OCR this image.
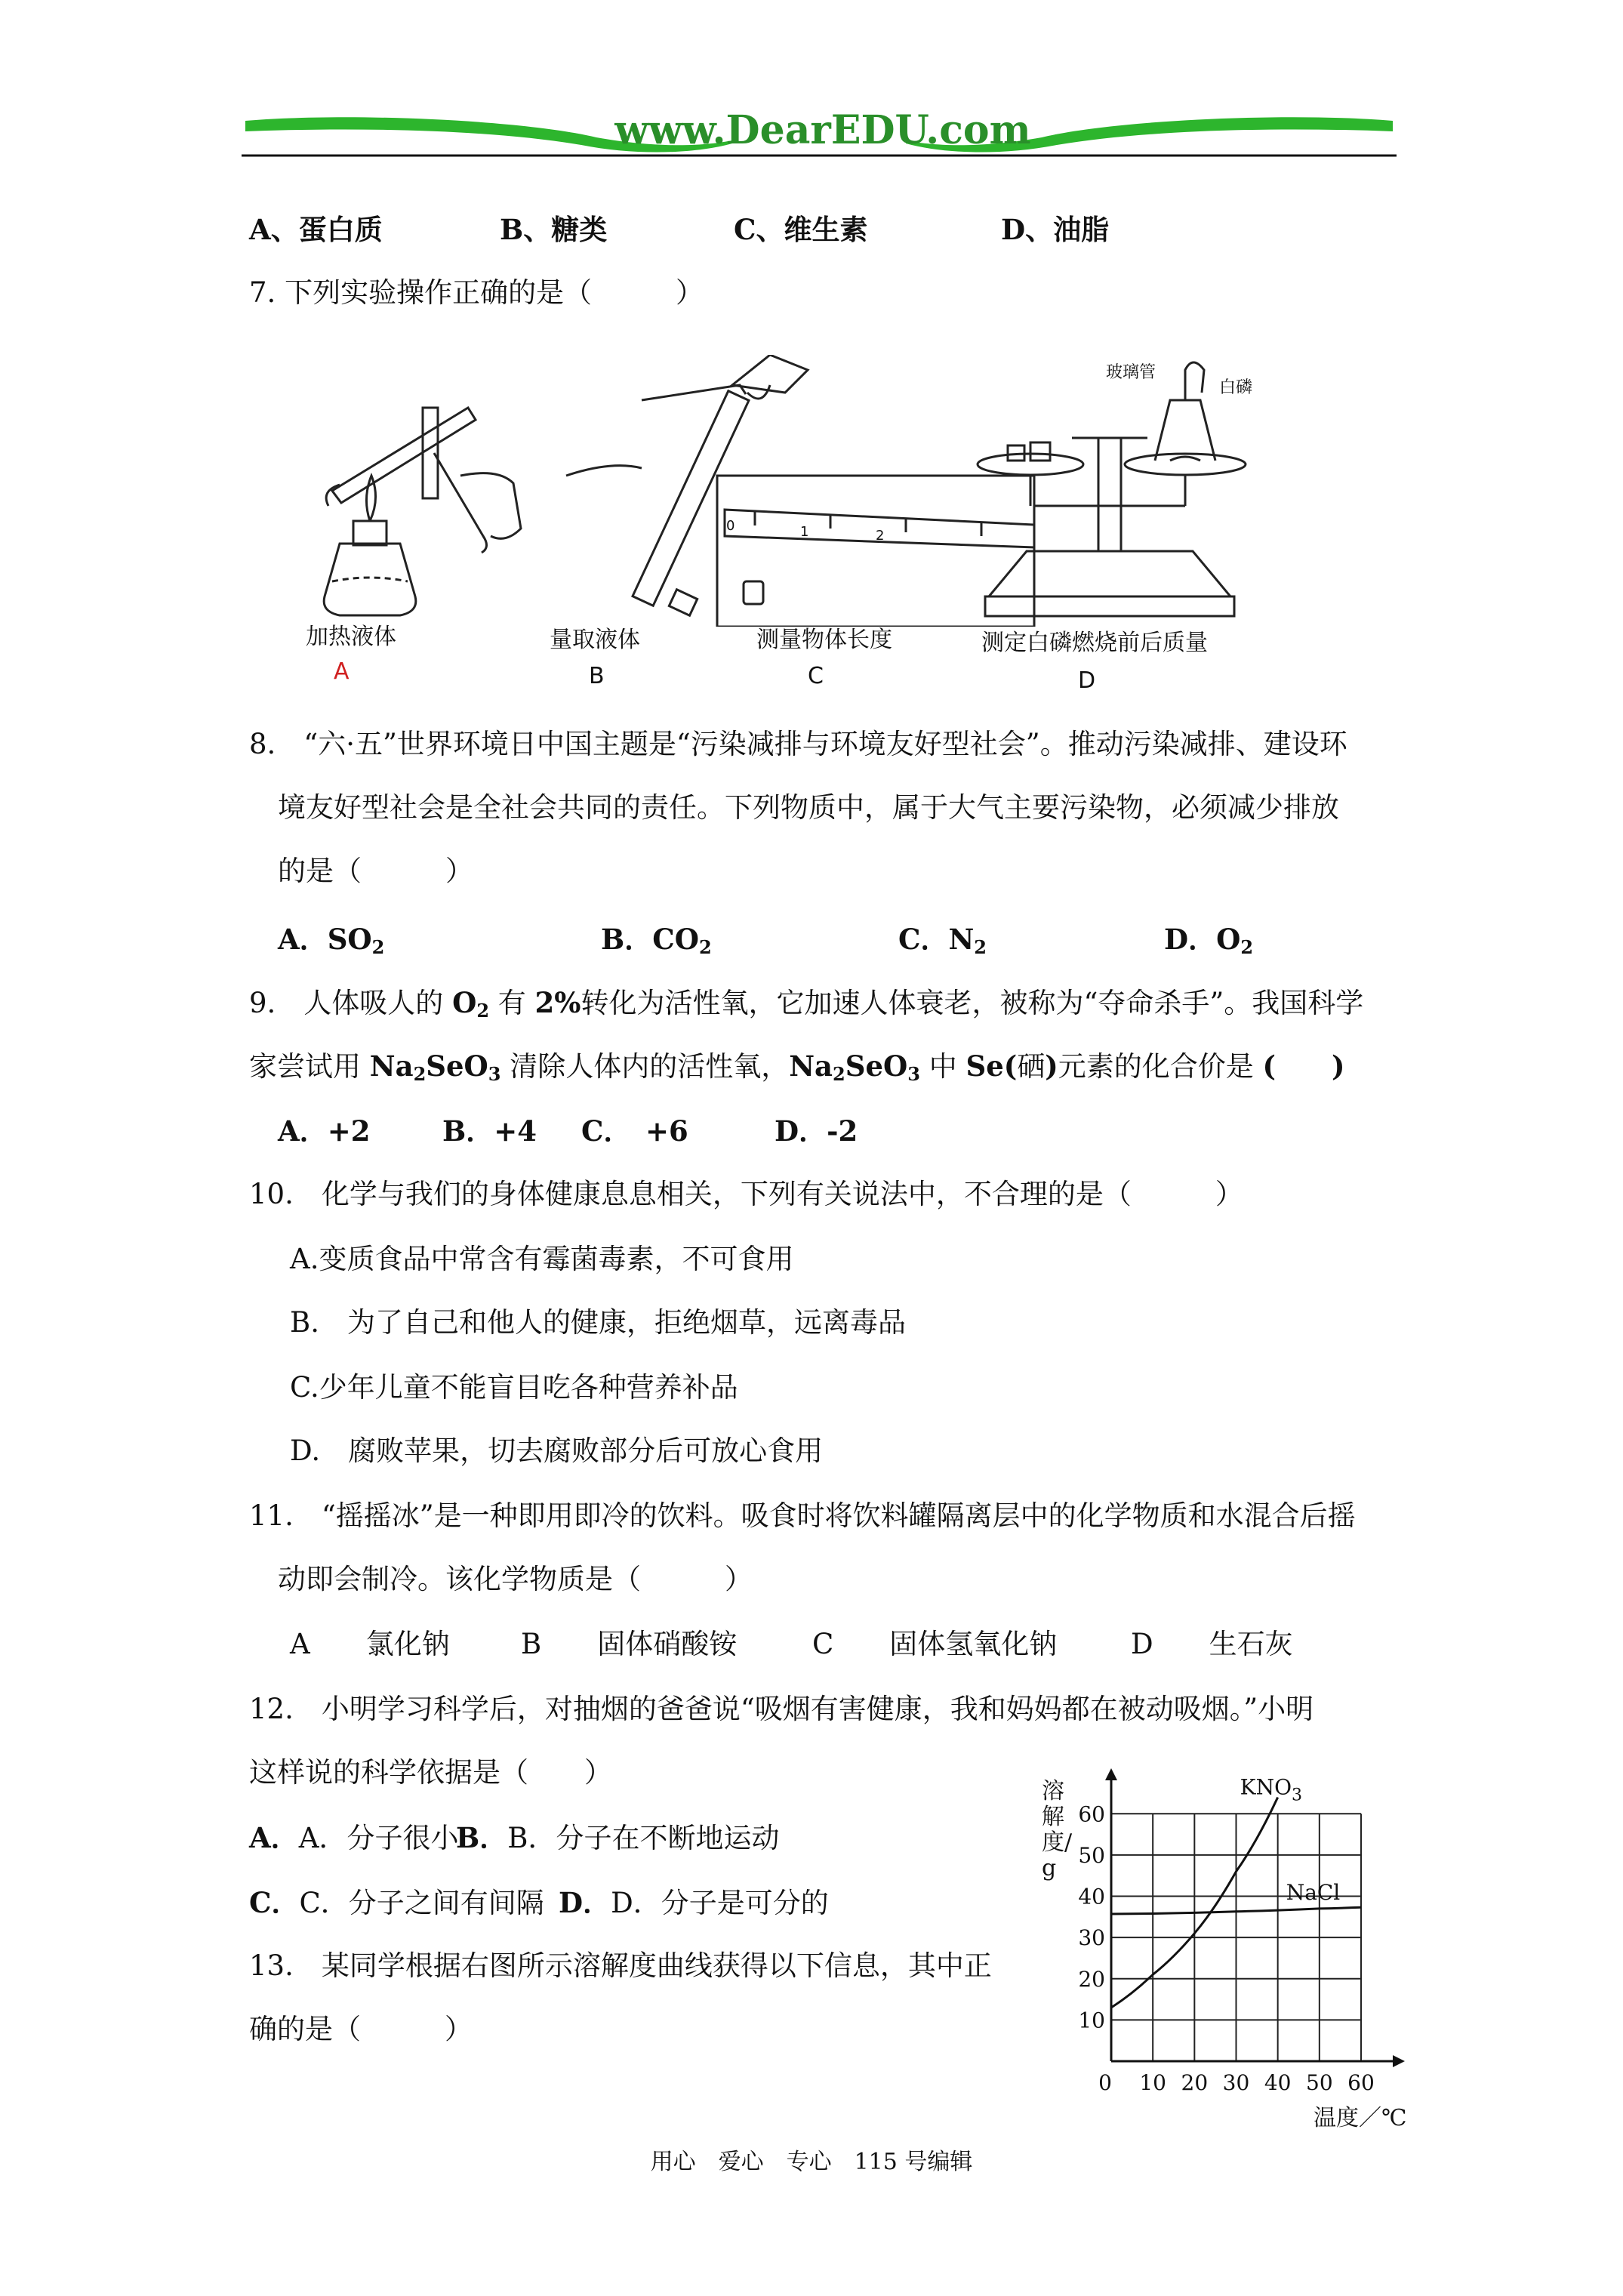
www.DearEDU.com
A、蛋白质	B、糖类	C、维生素	D、油脂
7. 下列实验操作正确的是（　　　）
玻璃管
白磷
0	1	2
加热液体	量取液体	测量物体长度	测定白磷燃烧前后质量
A	B	C	D
8.　“六·五”世界环境日中国主题是“污染减排与环境友好型社会”。推动污染减排、建设环
境友好型社会是全社会共同的责任。下列物质中，属于大气主要污染物，必须减少排放
的是（　　　）
A．$SO_2$	B．$CO_2$	C．$N_2$	D．$O_2$
9.　人体吸人的 $O_2$ 有 2%转化为活性氧，它加速人体衰老，被称为“夺命杀手”。我国科学
家尝试用 $Na_2SeO_3$ 清除人体内的活性氧，$Na_2SeO_3$ 中 Se(硒)元素的化合价是 (　　)
A．+2	B．+4 C．　+6	D．-2
10.　化学与我们的身体健康息息相关，下列有关说法中，不合理的是（　　　）
A.变质食品中常含有霉菌毒素，不可食用
B.　为了自己和他人的健康，拒绝烟草，远离毒品
C.少年儿童不能盲目吃各种营养补品
D.　腐败苹果，切去腐败部分后可放心食用
11.　“摇摇冰”是一种即用即冷的饮料。吸食时将饮料罐隔离层中的化学物质和水混合后摇
动即会制冷。该化学物质是（　　　）
A　　氯化钠	B　　固体硝酸铵	C　　固体氢氧化钠	D　　生石灰
12.　小明学习科学后，对抽烟的爸爸说“吸烟有害健康，我和妈妈都在被动吸烟。”小明
这样说的科学依据是（　　）
A．A．分子很小
B．B．分子在不断地运动
C．C．分子之间有间隔 D．D．分子是可分的
13.　某同学根据右图所示溶解度曲线获得以下信息，其中正
确的是（　　　）
0 10 20 30 40 50 60
10
20
30
40
50
60
$KNO_3$
NaCl
溶解度/g
温度／℃
用心　爱心　专心　115 号编辑
